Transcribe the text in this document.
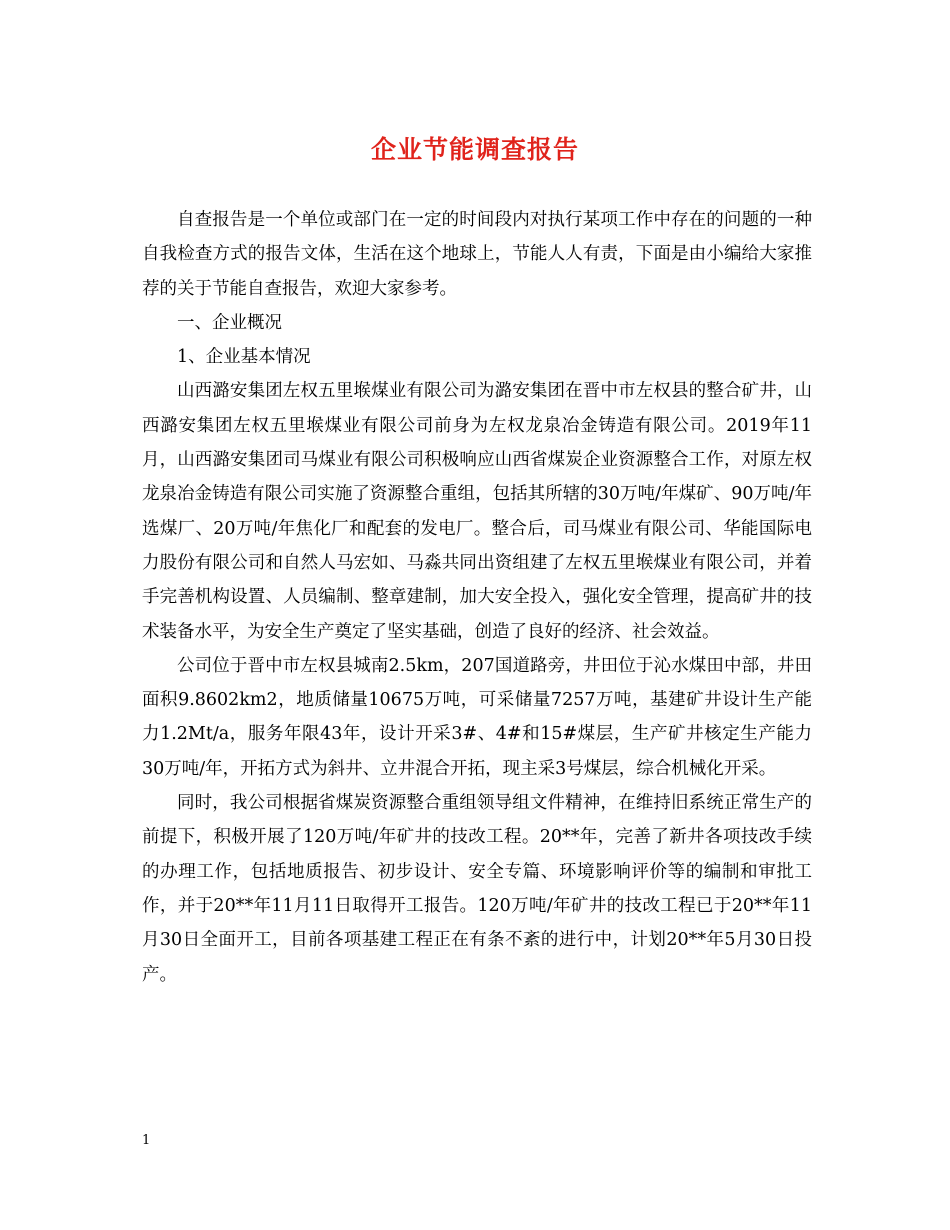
企业节能调查报告

自查报告是一个单位或部门在一定的时间段内对执行某项工作中存在的问题的一种自我检查方式的报告文体，生活在这个地球上，节能人人有责，下面是由小编给大家推荐的关于节能自查报告，欢迎大家参考。

一、企业概况

1、企业基本情况

山西潞安集团左权五里堠煤业有限公司为潞安集团在晋中市左权县的整合矿井，山西潞安集团左权五里堠煤业有限公司前身为左权龙泉冶金铸造有限公司。2019年11月，山西潞安集团司马煤业有限公司积极响应山西省煤炭企业资源整合工作，对原左权龙泉冶金铸造有限公司实施了资源整合重组，包括其所辖的30万吨/年煤矿、90万吨/年选煤厂、20万吨/年焦化厂和配套的发电厂。整合后，司马煤业有限公司、华能国际电力股份有限公司和自然人马宏如、马淼共同出资组建了左权五里堠煤业有限公司，并着手完善机构设置、人员编制、整章建制，加大安全投入，强化安全管理，提高矿井的技术装备水平，为安全生产奠定了坚实基础，创造了良好的经济、社会效益。

公司位于晋中市左权县城南2.5km，207国道路旁，井田位于沁水煤田中部，井田面积9.8602km2，地质储量10675万吨，可采储量7257万吨，基建矿井设计生产能力1.2Mt/a，服务年限43年，设计开采3#、4#和15#煤层，生产矿井核定生产能力30万吨/年，开拓方式为斜井、立井混合开拓，现主采3号煤层，综合机械化开采。

同时，我公司根据省煤炭资源整合重组领导组文件精神，在维持旧系统正常生产的前提下，积极开展了120万吨/年矿井的技改工程。20**年，完善了新井各项技改手续的办理工作，包括地质报告、初步设计、安全专篇、环境影响评价等的编制和审批工作，并于20**年11月11日取得开工报告。120万吨/年矿井的技改工程已于20**年11月30日全面开工，目前各项基建工程正在有条不紊的进行中，计划20**年5月30日投产。

1
